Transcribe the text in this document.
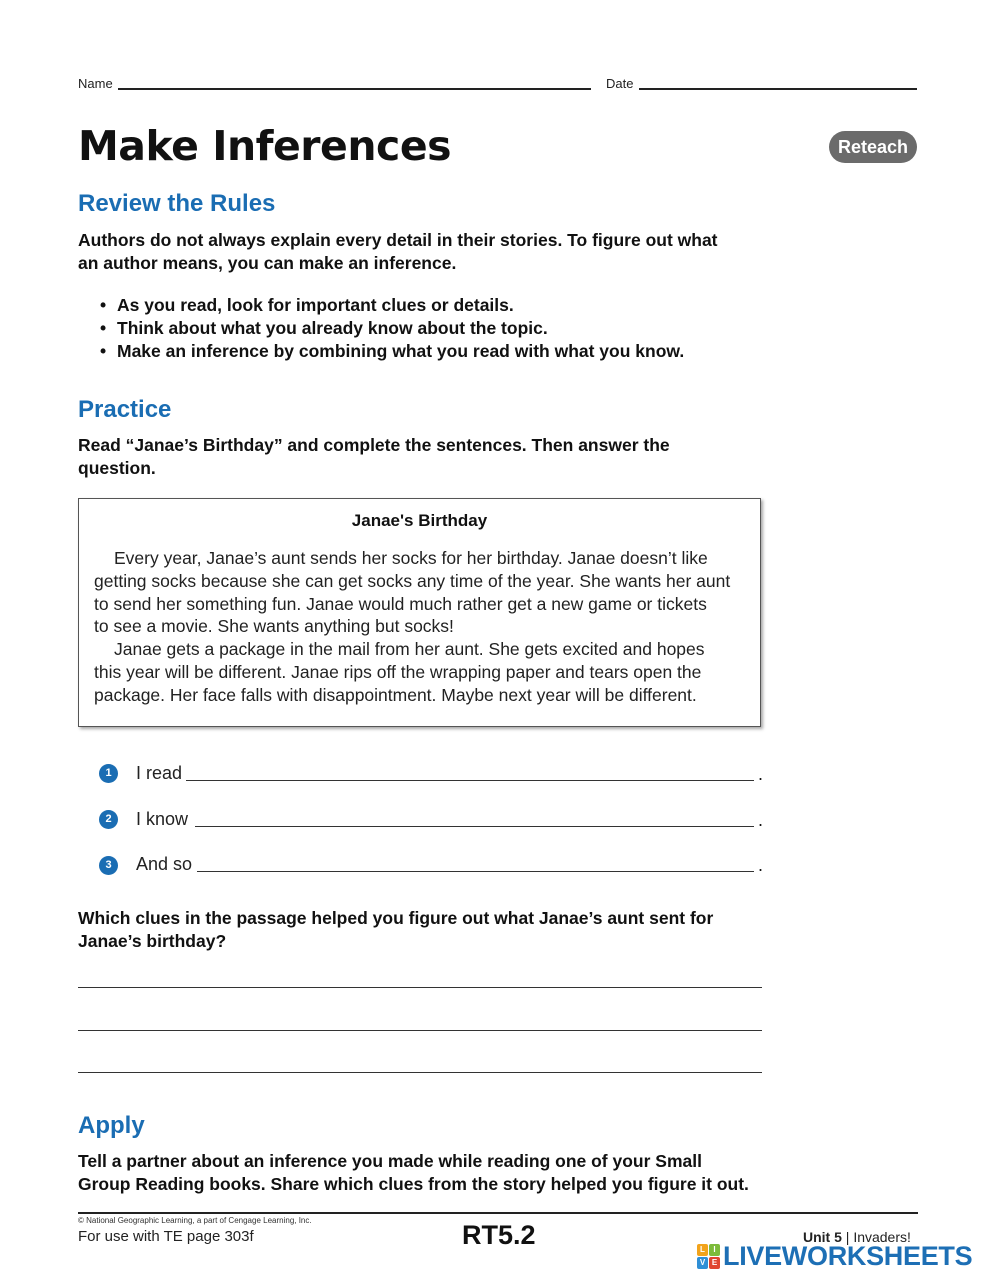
Name	Date
Make Inferences	Reteach
Review the Rules

Authors do not always explain every detail in their stories. To figure out what

an author means, you can make an inference.

• As you read, look for important clues or details.
• Think about what you already know about the topic.
• Make an inference by combining what you read with what you know.
Practice

Read “Janae’s Birthday” and complete the sentences. Then answer the

question.

Janae's Birthday

Every year, Janae’s aunt sends her socks for her birthday. Janae doesn’t like
getting socks because she can get socks any time of the year. She wants her aunt
to send her something fun. Janae would much rather get a new game or tickets
to see a movie. She wants anything but socks!

Janae gets a package in the mail from her aunt. She gets excited and hopes
this year will be different. Janae rips off the wrapping paper and tears open the
package. Her face falls with disappointment. Maybe next year will be different.

1	I read	.
2	I know	.
3	And so	.

Which clues in the passage helped you figure out what Janae’s aunt sent for

Janae’s birthday?

Apply

Tell a partner about an inference you made while reading one of your Small

Group Reading books. Share which clues from the story helped you figure it out.

© National Geographic Learning, a part of Cengage Learning, Inc.
For use with TE page 303f	RT5.2	Unit 5 | Invaders!
L	I
V E LIVEWORKSHEETS
